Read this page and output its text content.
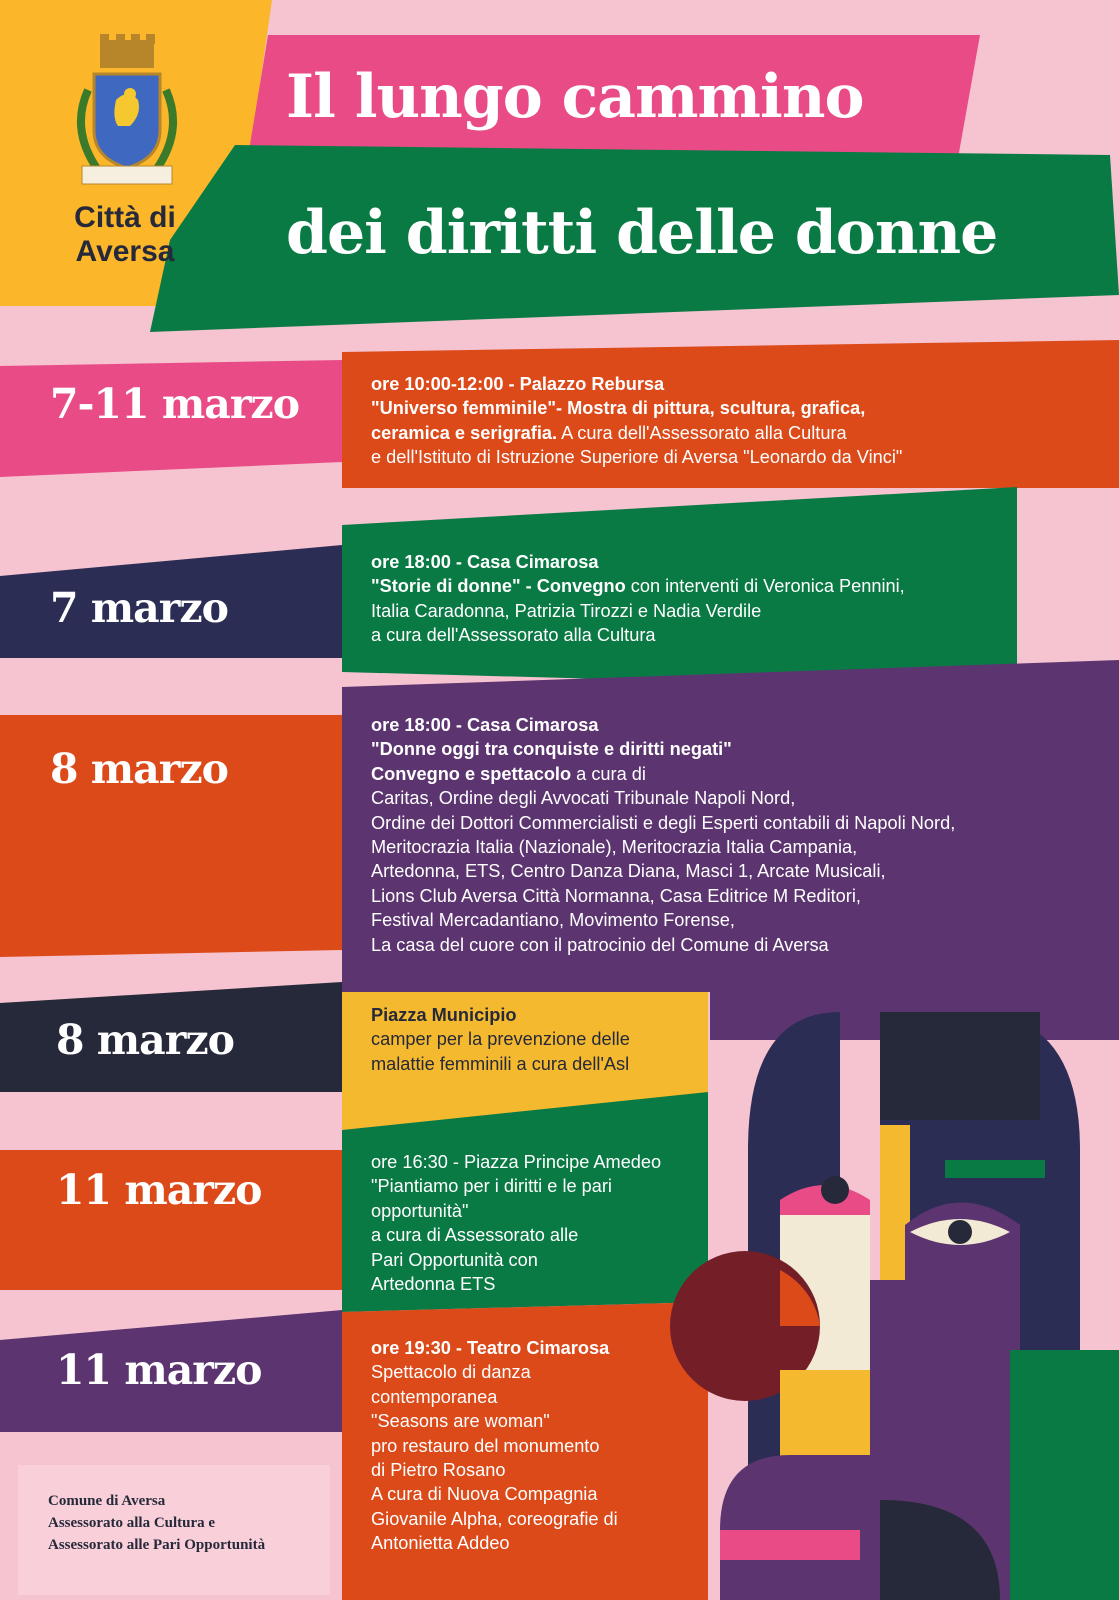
Città di
Aversa
Il lungo cammino
dei diritti delle donne
7-11 marzo
7 marzo
8 marzo
8 marzo
11 marzo
11 marzo
ore 10:00-12:00 - Palazzo Rebursa
"Universo femminile"- Mostra di pittura, scultura, grafica,
ceramica e serigrafia. A cura dell'Assessorato alla Cultura
e dell'Istituto di Istruzione Superiore di Aversa "Leonardo da Vinci"
ore 18:00 - Casa Cimarosa
"Storie di donne" - Convegno con interventi di Veronica Pennini,
Italia Caradonna, Patrizia Tirozzi e Nadia Verdile
a cura dell'Assessorato alla Cultura
ore 18:00 - Casa Cimarosa
"Donne oggi tra conquiste e diritti negati"
Convegno e spettacolo a cura di
Caritas, Ordine degli Avvocati Tribunale Napoli Nord,
Ordine dei Dottori Commercialisti e degli Esperti contabili di Napoli Nord,
Meritocrazia Italia (Nazionale), Meritocrazia Italia Campania,
Artedonna, ETS, Centro Danza Diana, Masci 1, Arcate Musicali,
Lions Club Aversa Città Normanna, Casa Editrice M Reditori,
Festival Mercadantiano, Movimento Forense,
La casa del cuore con il patrocinio del Comune di Aversa
Piazza Municipio
camper per la prevenzione delle
malattie femminili a cura dell'Asl
ore 16:30 - Piazza Principe Amedeo
"Piantiamo per i diritti e le pari
opportunità"
a cura di Assessorato alle
Pari Opportunità con
Artedonna ETS
ore 19:30 - Teatro Cimarosa
Spettacolo di danza
contemporanea
"Seasons are woman"
pro restauro del monumento
di Pietro Rosano
A cura di Nuova Compagnia
Giovanile Alpha, coreografie di
Antonietta Addeo
Comune di Aversa
Assessorato alla Cultura e
Assessorato alle Pari Opportunità
